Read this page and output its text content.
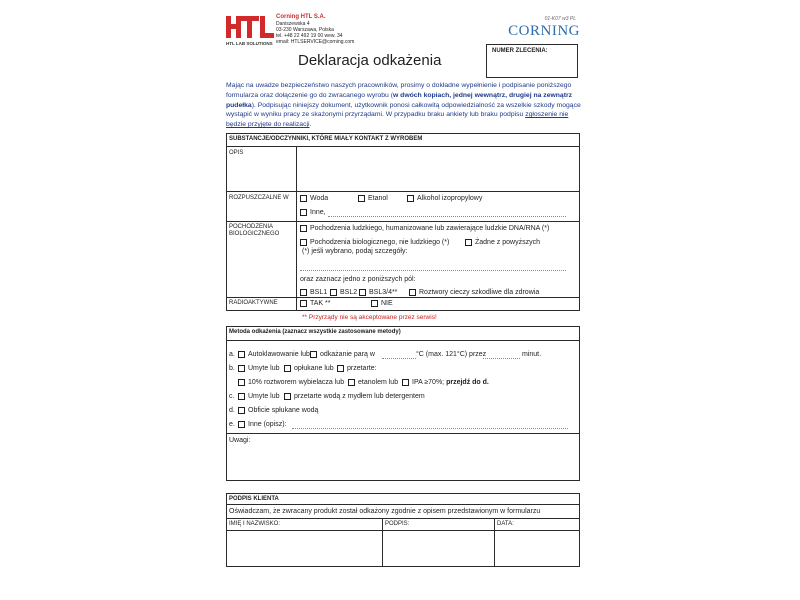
HTL LAB SOLUTIONS
Corning HTL S.A.
Daniszewska 4
03-230 Warszawa, Polska
tel. +48 22 492 19 00 wew. 34
email: HTLSERVICE@corning.com
01-K07 w3 PL
CORNING
Deklaracja odkażenia
NUMER ZLECENIA:
Mając na uwadze bezpieczeństwo naszych pracowników, prosimy o dokładne wypełnienie i podpisanie poniższego formularza oraz dołączenie go do zwracanego wyrobu (w dwóch kopiach, jednej wewnątrz, drugiej na zewnątrz pudełka). Podpisując niniejszy dokument, użytkownik ponosi całkowitą odpowiedzialność za wszelkie szkody mogące wystąpić w wyniku pracy ze skażonymi przyrządami. W przypadku braku ankiety lub braku podpisu zgłoszenie nie będzie przyjęte do realizacji.
SUBSTANCJE/ODCZYNNIKI, KTÓRE MIAŁY KONTAKT Z WYROBEM
OPIS
ROZPUSZCZALNE W	Woda	Etanol	Alkohol izopropylowy
Inne,
POCHODZENIA BIOLOGICZNEGO
Pochodzenia ludzkiego, humanizowane lub zawierające ludzkie DNA/RNA (*)
Pochodzenia biologicznego, nie ludzkiego (*)	Żadne z powyższych
(*) jeśli wybrano, podaj szczegóły:
oraz zaznacz jedno z poniższych pól:
BSL1 BSL2 BSL3/4**	Roztwory cieczy szkodliwe dla zdrowia
RADIOAKTYWNE	TAK **	NIE
** Przyrządy nie są akceptowane przez serwis!
Metoda odkażenia (zaznacz wszystkie zastosowane metody)
a. Autoklawowanie lub odkażanie parą w	°C (max. 121°C) przez	minut.
b. Umyte lub opłukane lub przetarte:
10% roztworem wybielacza lub etanolem lub IPA ≥70%; przejdź do d.
c. Umyte lub przetarte wodą z mydłem lub detergentem
d. Obficie spłukane wodą
e. Inne (opisz):
Uwagi:
PODPIS KLIENTA
Oświadczam, że zwracany produkt został odkażony zgodnie z opisem przedstawionym w formularzu
IMIĘ I NAZWISKO:	PODPIS:	DATA:
